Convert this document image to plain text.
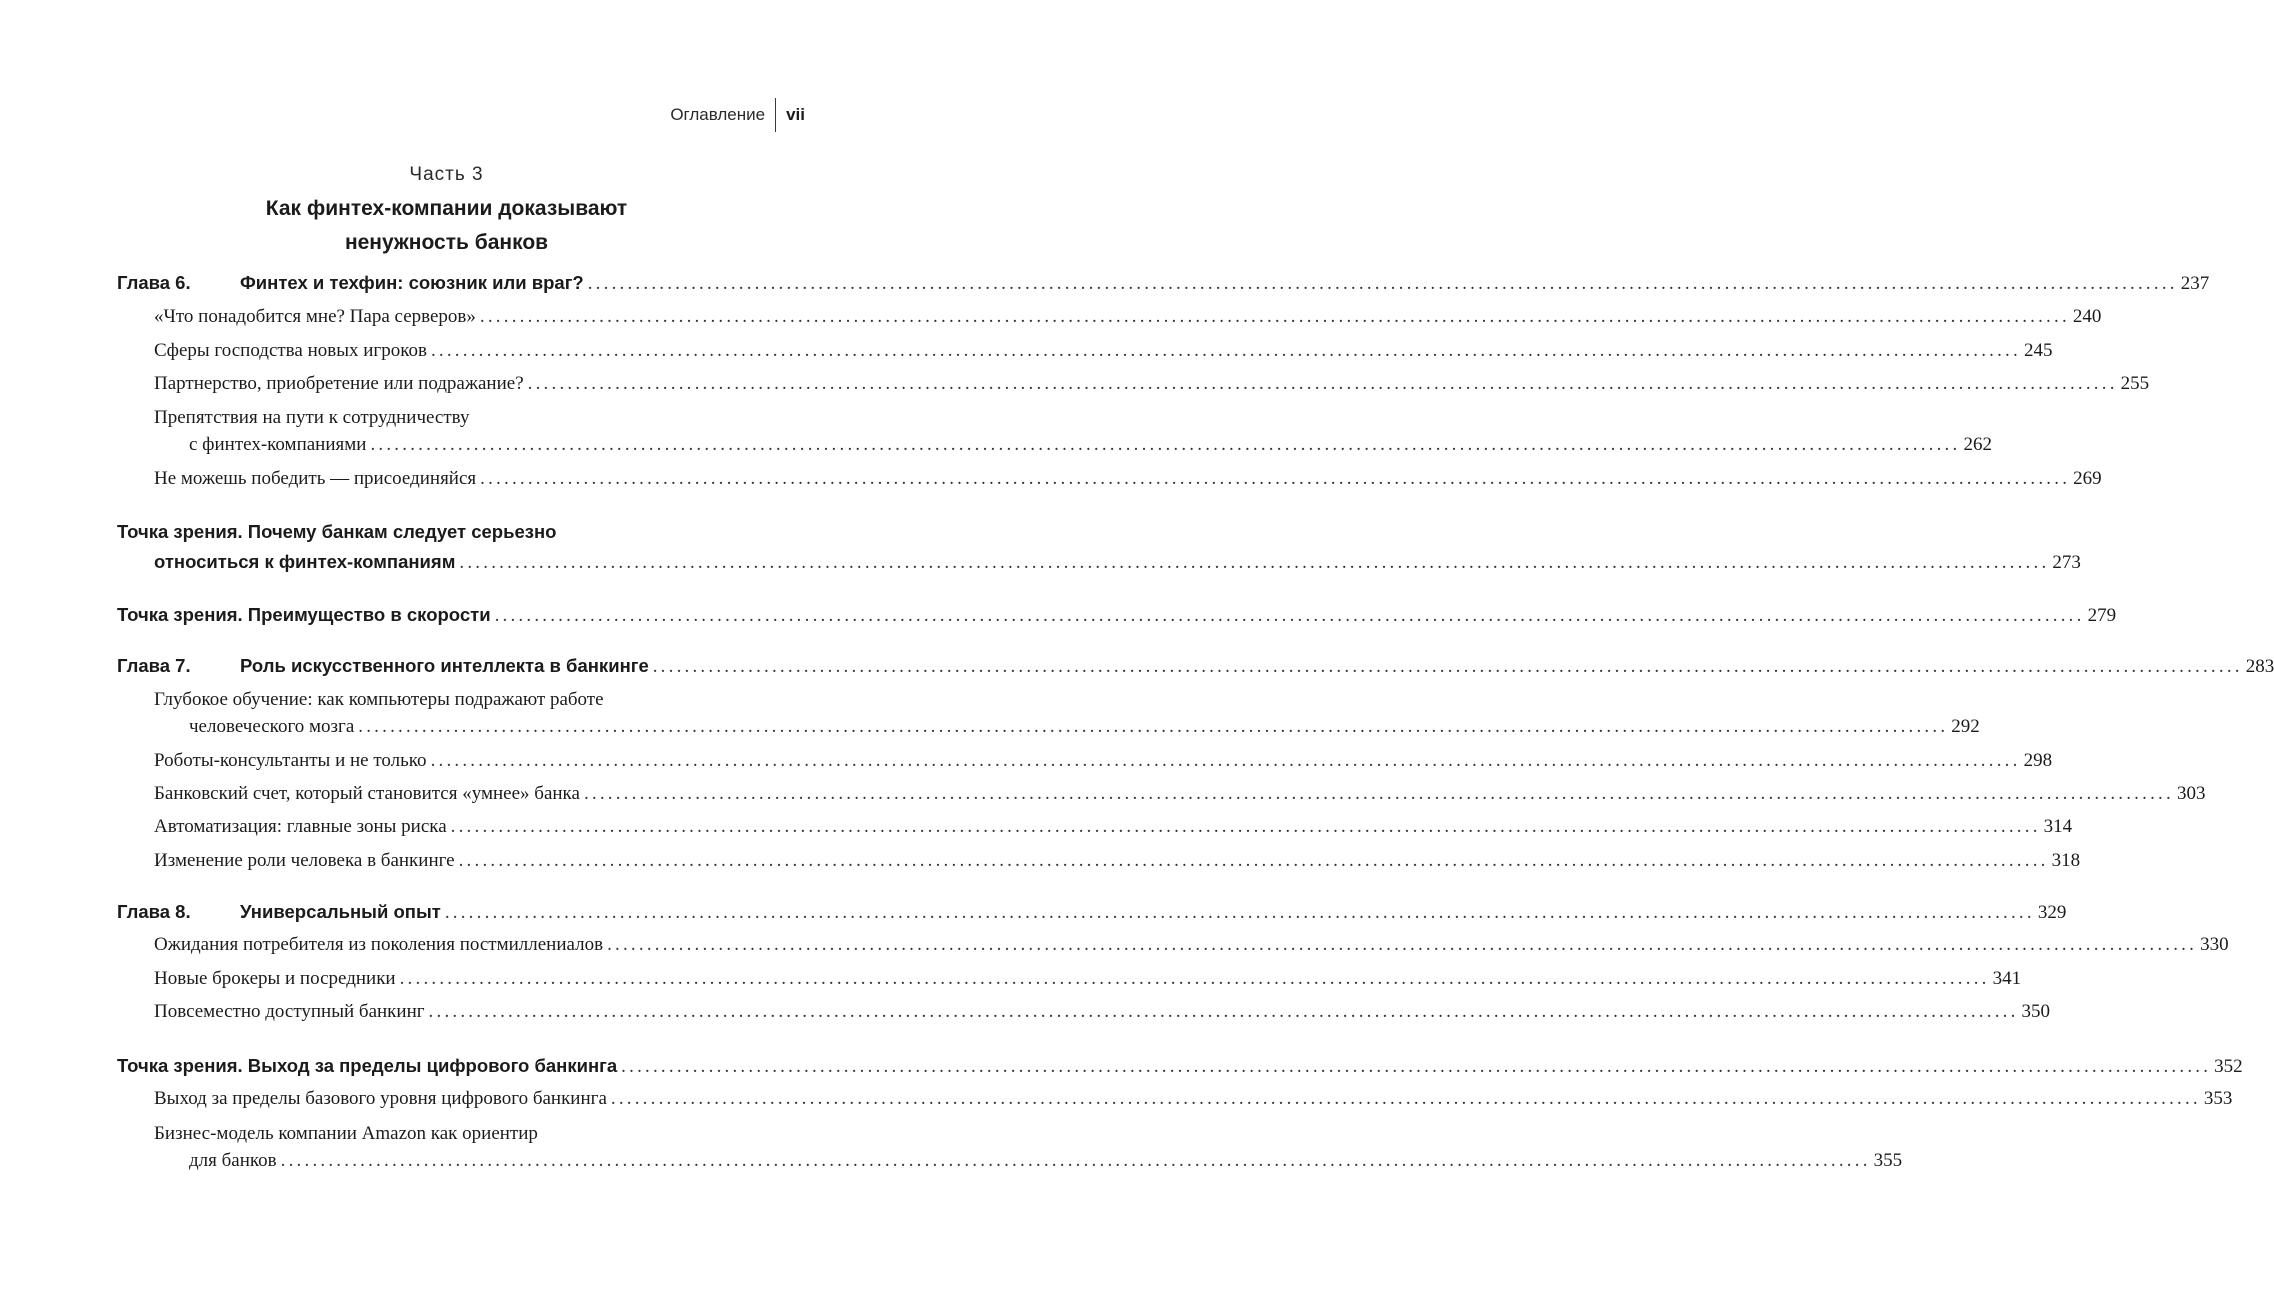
Оглавление	vii
Часть 3
Как финтех-компании доказывают
ненужность банков
Глава 6.	Финтех и техфин: союзник или враг? ........................................................................................................................................................................................................ 237
«Что понадобится мне? Пара серверов» ........................................................................................................................................................................................................ 240
Сферы господства новых игроков ........................................................................................................................................................................................................ 245
Партнерство, приобретение или подражание? ........................................................................................................................................................................................................ 255
Препятствия на пути к сотрудничеству
с финтех-компаниями ........................................................................................................................................................................................................ 262
Не можешь победить — присоединяйся ........................................................................................................................................................................................................ 269
Точка зрения. Почему банкам следует серьезно
относиться к финтех-компаниям ........................................................................................................................................................................................................ 273
Точка зрения. Преимущество в скорости ........................................................................................................................................................................................................ 279
Глава 7.	Роль искусственного интеллекта в банкинге ........................................................................................................................................................................................................ 283
Глубокое обучение: как компьютеры подражают работе
человеческого мозга ........................................................................................................................................................................................................ 292
Роботы-консультанты и не только ........................................................................................................................................................................................................ 298
Банковский счет, который становится «умнее» банка ........................................................................................................................................................................................................ 303
Автоматизация: главные зоны риска ........................................................................................................................................................................................................ 314
Изменение роли человека в банкинге ........................................................................................................................................................................................................ 318
Глава 8.	Универсальный опыт ........................................................................................................................................................................................................ 329
Ожидания потребителя из поколения постмиллениалов ........................................................................................................................................................................................................ 330
Новые брокеры и посредники ........................................................................................................................................................................................................ 341
Повсеместно доступный банкинг ........................................................................................................................................................................................................ 350
Точка зрения. Выход за пределы цифрового банкинга ........................................................................................................................................................................................................ 352
Выход за пределы базового уровня цифрового банкинга ........................................................................................................................................................................................................ 353
Бизнес-модель компании Amazon как ориентир
для банков ........................................................................................................................................................................................................ 355
